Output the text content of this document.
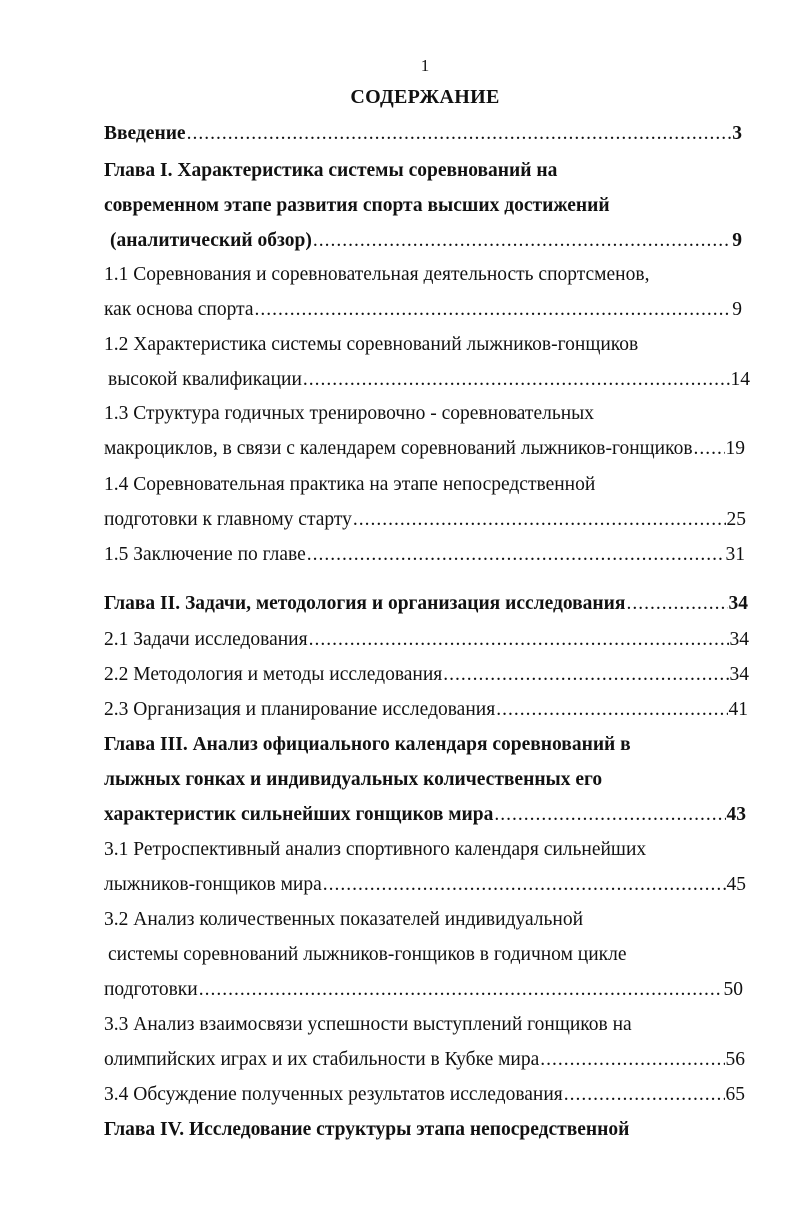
1
СОДЕРЖАНИЕ
Введение .....	3
Глава I. Характеристика системы соревнований на
современном этапе развития спорта высших достижений
(аналитический обзор) .....	9
1.1 Соревнования и соревновательная деятельность спортсменов,
как основа спорта .....	9
1.2 Характеристика системы соревнований лыжников-гонщиков
высокой квалификации .....	14
1.3 Структура годичных тренировочно - соревновательных
макроциклов, в связи с календарем соревнований лыжников-гонщиков ..... 19
1.4 Соревновательная практика на этапе непосредственной
подготовки к главному старту .....	25
1.5 Заключение по главе .....	31
Глава II. Задачи, методология и организация исследования .....	34
2.1 Задачи исследования .....	34
2.2 Методология и методы исследования .....	34
2.3 Организация и планирование исследования .....	41
Глава III. Анализ официального календаря соревнований в
лыжных гонках и индивидуальных количественных его
характеристик сильнейших гонщиков мира .....	43
3.1 Ретроспективный анализ спортивного календаря сильнейших
лыжников-гонщиков мира .....	45
3.2 Анализ количественных показателей индивидуальной
системы соревнований лыжников-гонщиков в годичном цикле
подготовки .....	50
3.3 Анализ взаимосвязи успешности выступлений гонщиков на
олимпийских играх и их стабильности в Кубке мира .....	56
3.4 Обсуждение полученных результатов исследования .....	65
Глава IV. Исследование структуры этапа непосредственной
